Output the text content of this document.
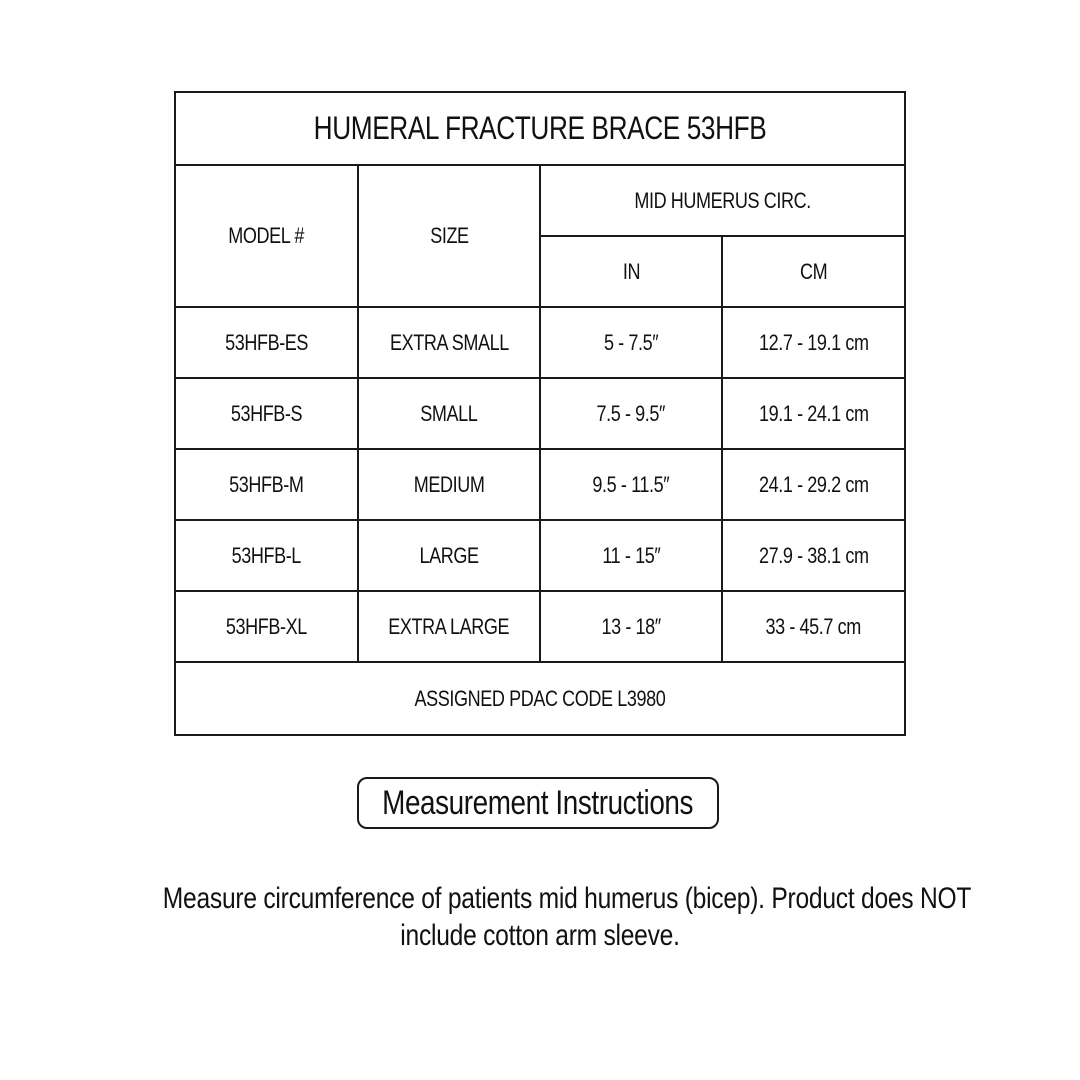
HUMERAL FRACTURE BRACE 53HFB			
MODEL #	SIZE	MID HUMERUS CIRC.	
		IN	CM
53HFB-ES	EXTRA SMALL	5 - 7.5″	12.7 - 19.1 cm
53HFB-S	SMALL	7.5 - 9.5″	19.1 - 24.1 cm
53HFB-M	MEDIUM	9.5 - 11.5″	24.1 - 29.2 cm
53HFB-L	LARGE	11 - 15″	27.9 - 38.1 cm
53HFB-XL	EXTRA LARGE	13 - 18″	33 - 45.7 cm
ASSIGNED PDAC CODE L3980			
Measurement Instructions
Measure circumference of patients mid humerus (bicep). Product does NOT
include cotton arm sleeve.
